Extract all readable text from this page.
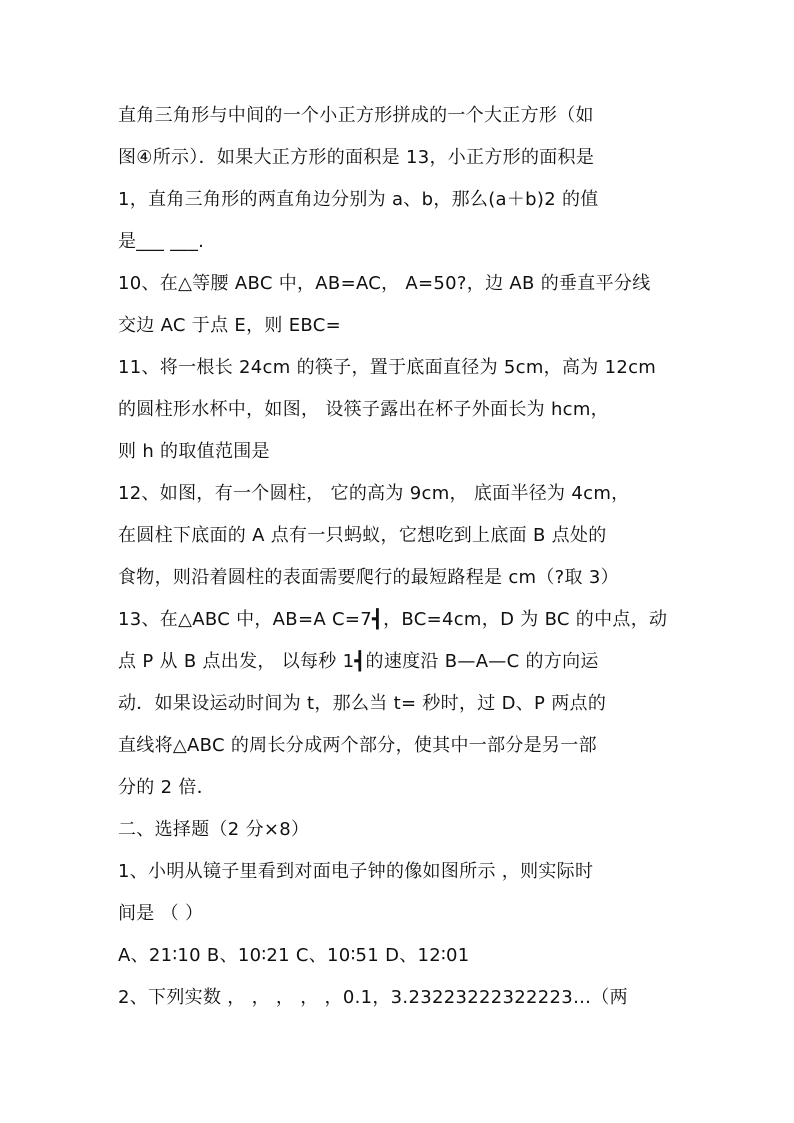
直角三角形与中间的一个小正方形拼成的一个大正方形（如
图④所示）．如果大正方形的面积是 13，小正方形的面积是
1，直角三角形的两直角边分别为 a、b，那么(a＋b)2 的值
是___ ___.
10、在△等腰 ABC 中，AB=AC， A=50?，边 AB 的垂直平分线
交边 AC 于点 E，则 EBC=
11、将一根长 24cm 的筷子，置于底面直径为 5cm，高为 12cm
的圆柱形水杯中，如图， 设筷子露出在杯子外面长为 hcm，
则 h 的取值范围是
12、如图，有一个圆柱， 它的高为 9cm， 底面半径为 4cm，
在圆柱下底面的 A 点有一只蚂蚁，它想吃到上底面 B 点处的
食物，则沿着圆柱的表面需要爬行的最短路程是 cm（?取 3）
13、在△ABC 中，AB=A C=7┫，BC=4cm，D 为 BC 的中点，动
点 P 从 B 点出发， 以每秒 1┫的速度沿 B—A—C 的方向运
动．如果设运动时间为 t，那么当 t= 秒时，过 D、P 两点的
直线将△ABC 的周长分成两个部分，使其中一部分是另一部
分的 2 倍．
二、选择题（2 分×8）
1、小明从镜子里看到对面电子钟的像如图所示 ，则实际时
间是 （ ）
A、21∶10 B、10∶21 C、10∶51 D、12∶01
2、下列实数 ， ， ， ， ，0.1，3.23223222322223…（两
